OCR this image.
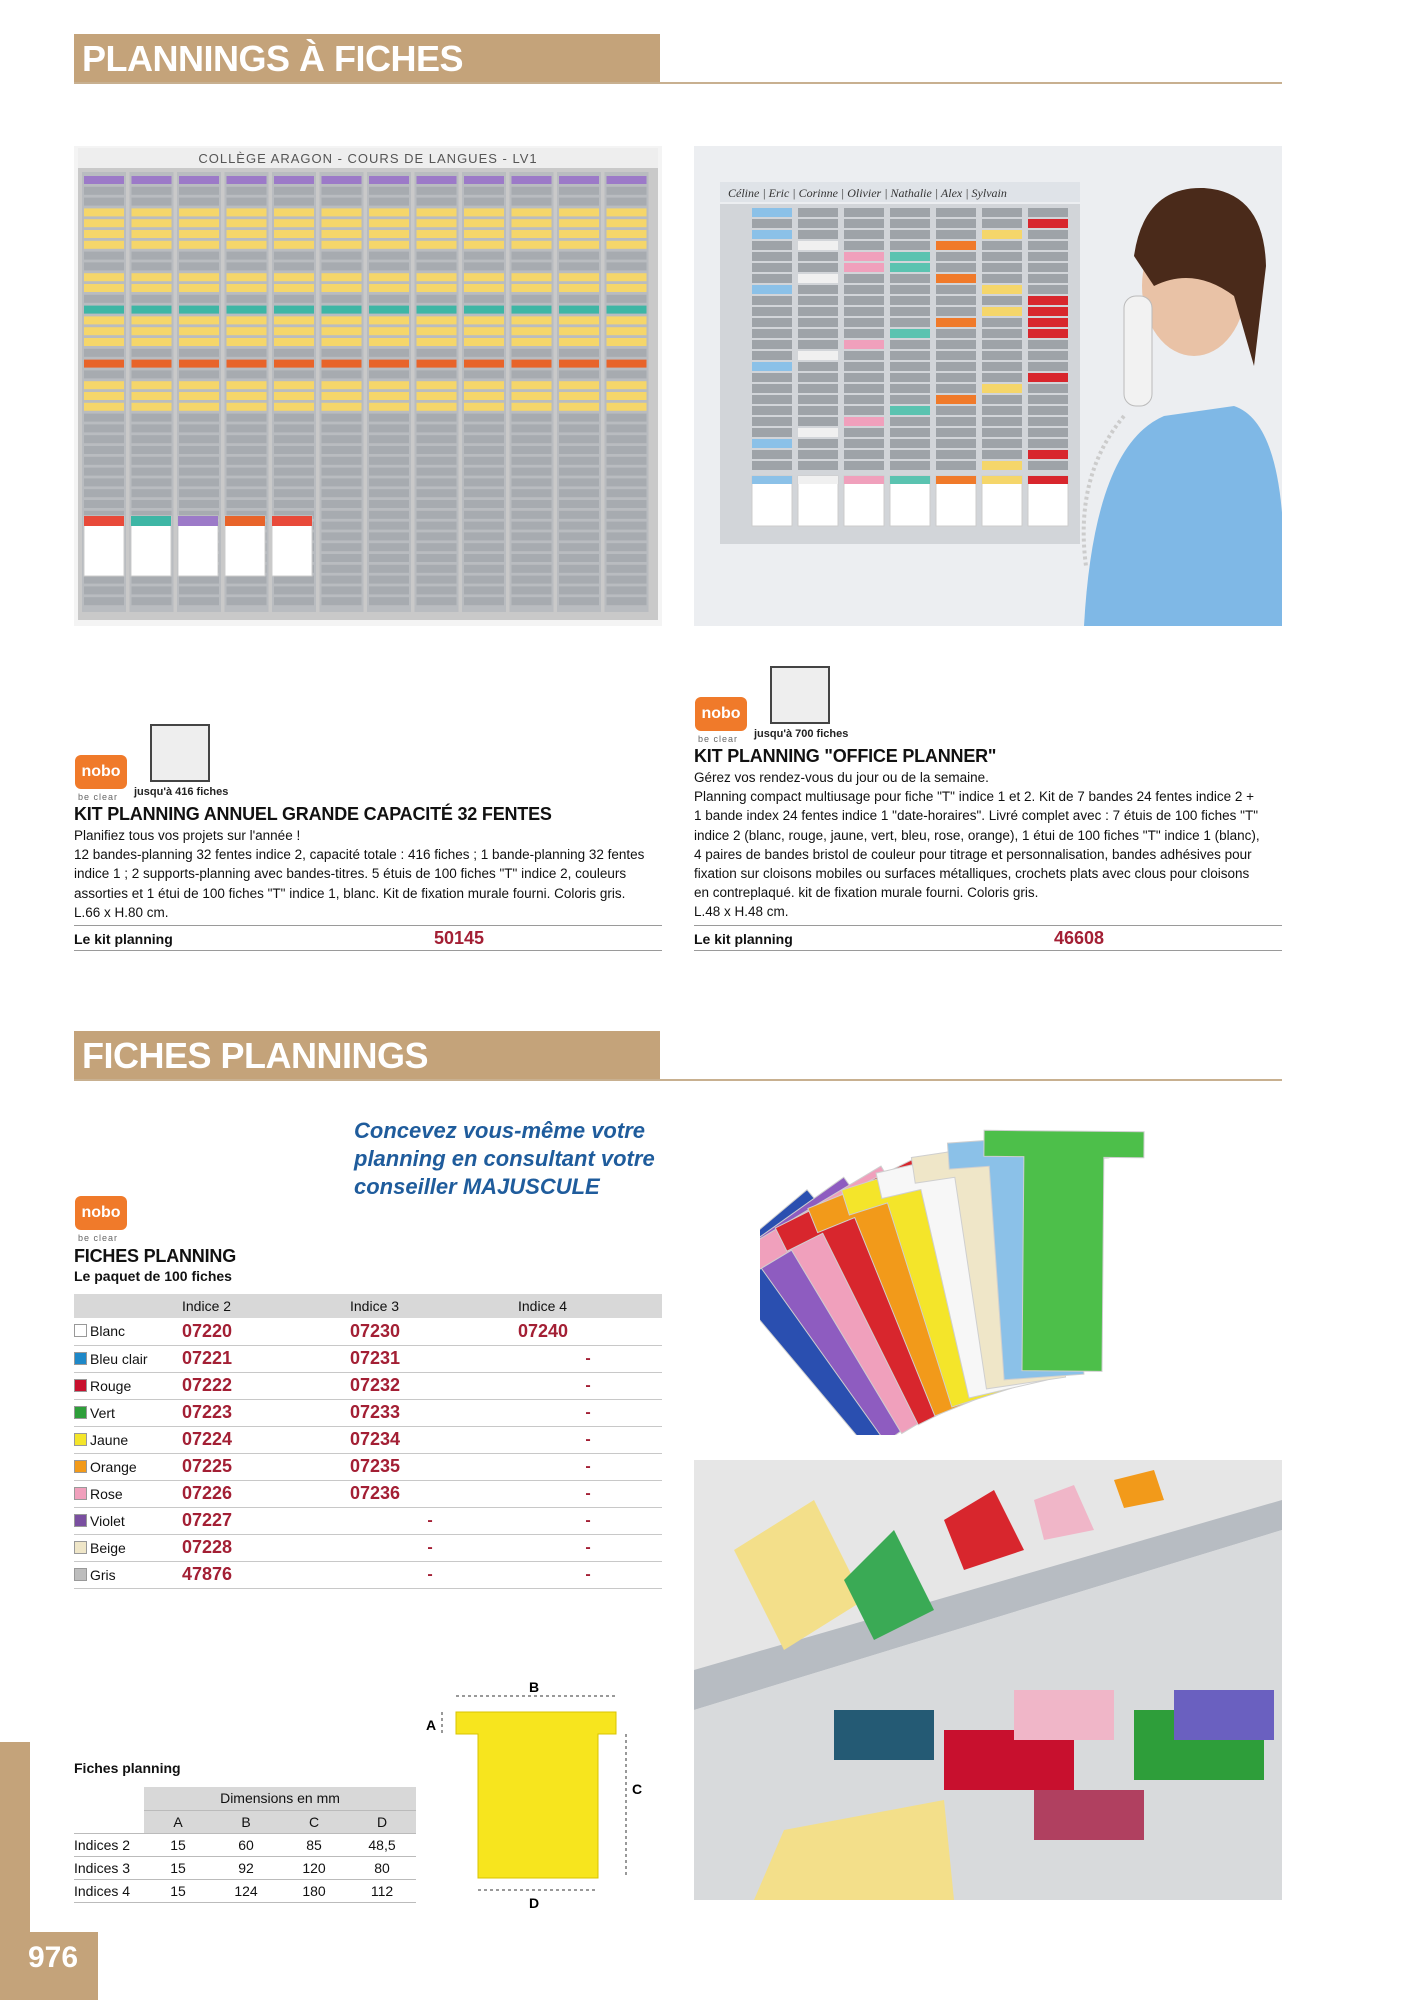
PLANNINGS À FICHES
COLLÈGE ARAGON - COURS DE LANGUES - LV1
Céline | Eric | Corinne | Olivier | Nathalie | Alex | Sylvain
nobo
be clear jusqu'à 416 fiches
KIT PLANNING ANNUEL GRANDE CAPACITÉ 32 FENTES
Planifiez tous vos projets sur l'année !
12 bandes-planning 32 fentes indice 2, capacité totale : 416 fiches ; 1 bande-planning 32 fentes
indice 1 ; 2 supports-planning avec bandes-titres. 5 étuis de 100 fiches "T" indice 2, couleurs
assorties et 1 étui de 100 fiches "T" indice 1, blanc. Kit de fixation murale fourni. Coloris gris.
L.66 x H.80 cm.
Le kit planning	50145
nobo
be clear jusqu'à 700 fiches
KIT PLANNING "OFFICE PLANNER"
Gérez vos rendez-vous du jour ou de la semaine.
Planning compact multiusage pour fiche "T" indice 1 et 2. Kit de 7 bandes 24 fentes indice 2 +
1 bande index 24 fentes indice 1 "date-horaires". Livré complet avec : 7 étuis de 100 fiches "T"
indice 2 (blanc, rouge, jaune, vert, bleu, rose, orange), 1 étui de 100 fiches "T" indice 1 (blanc),
4 paires de bandes bristol de couleur pour titrage et personnalisation, bandes adhésives pour
fixation sur cloisons mobiles ou surfaces métalliques, crochets plats avec clous pour cloisons
en contreplaqué. kit de fixation murale fourni. Coloris gris.
L.48 x H.48 cm.
Le kit planning	46608
FICHES PLANNINGS
Concevez vous-même votre planning en consultant votre conseiller MAJUSCULE
nobo
be clear
FICHES PLANNING
Le paquet de 100 fiches
	Indice 2	Indice 3	Indice 4
Blanc	07220	07230	07240
Bleu clair	07221	07231	-
Rouge	07222	07232	-
Vert	07223	07233	-
Jaune	07224	07234	-
Orange	07225	07235	-
Rose	07226	07236	-
Violet	07227	-	-
Beige	07228	-	-
Gris	47876	-	-
Fiches planning
	Dimensions en mm			
	A	B	C	D
Indices 2	15	60	85	48,5
Indices 3	15	92	120	80
Indices 4	15	124	180	112
B
A
C
D
976
